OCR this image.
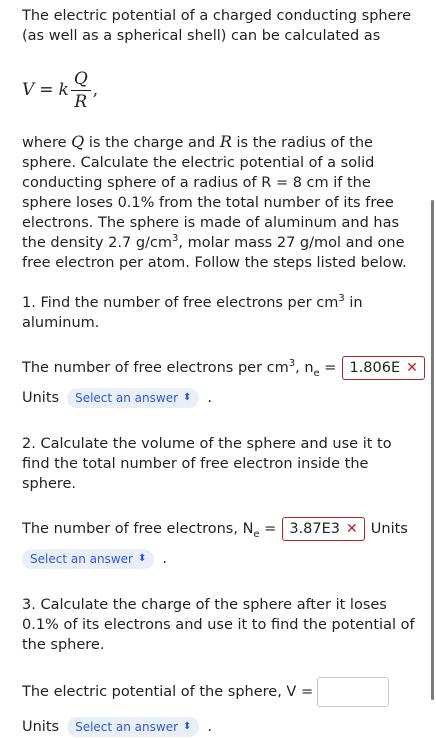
The electric potential of a charged conducting sphere (as well as a spherical shell) can be calculated as

V = k $\frac{Q}{R}$ ,

where Q is the charge and R is the radius of the sphere. Calculate the electric potential of a solid conducting sphere of a radius of R = 8 cm if the sphere loses 0.1% from the total number of its free electrons. The sphere is made of aluminum and has the density 2.7 $g/cm^3$, molar mass 27 g/mol and one free electron per atom. Follow the steps listed below.

1. Find the number of free electrons per $cm^3$ in aluminum.

The number of free electrons per $cm^3$, $n_e = 1.806E$ ✕
Units Select an answer ⬍ .

2. Calculate the volume of the sphere and use it to find the total number of free electron inside the sphere.

The number of free electrons, $N_e = 3.87E3$ ✕ Units
Select an answer ⬍ .

3. Calculate the charge of the sphere after it loses 0.1% of its electrons and use it to find the potential of the sphere.

The electric potential of the sphere, V =
Units Select an answer ⬍ .
